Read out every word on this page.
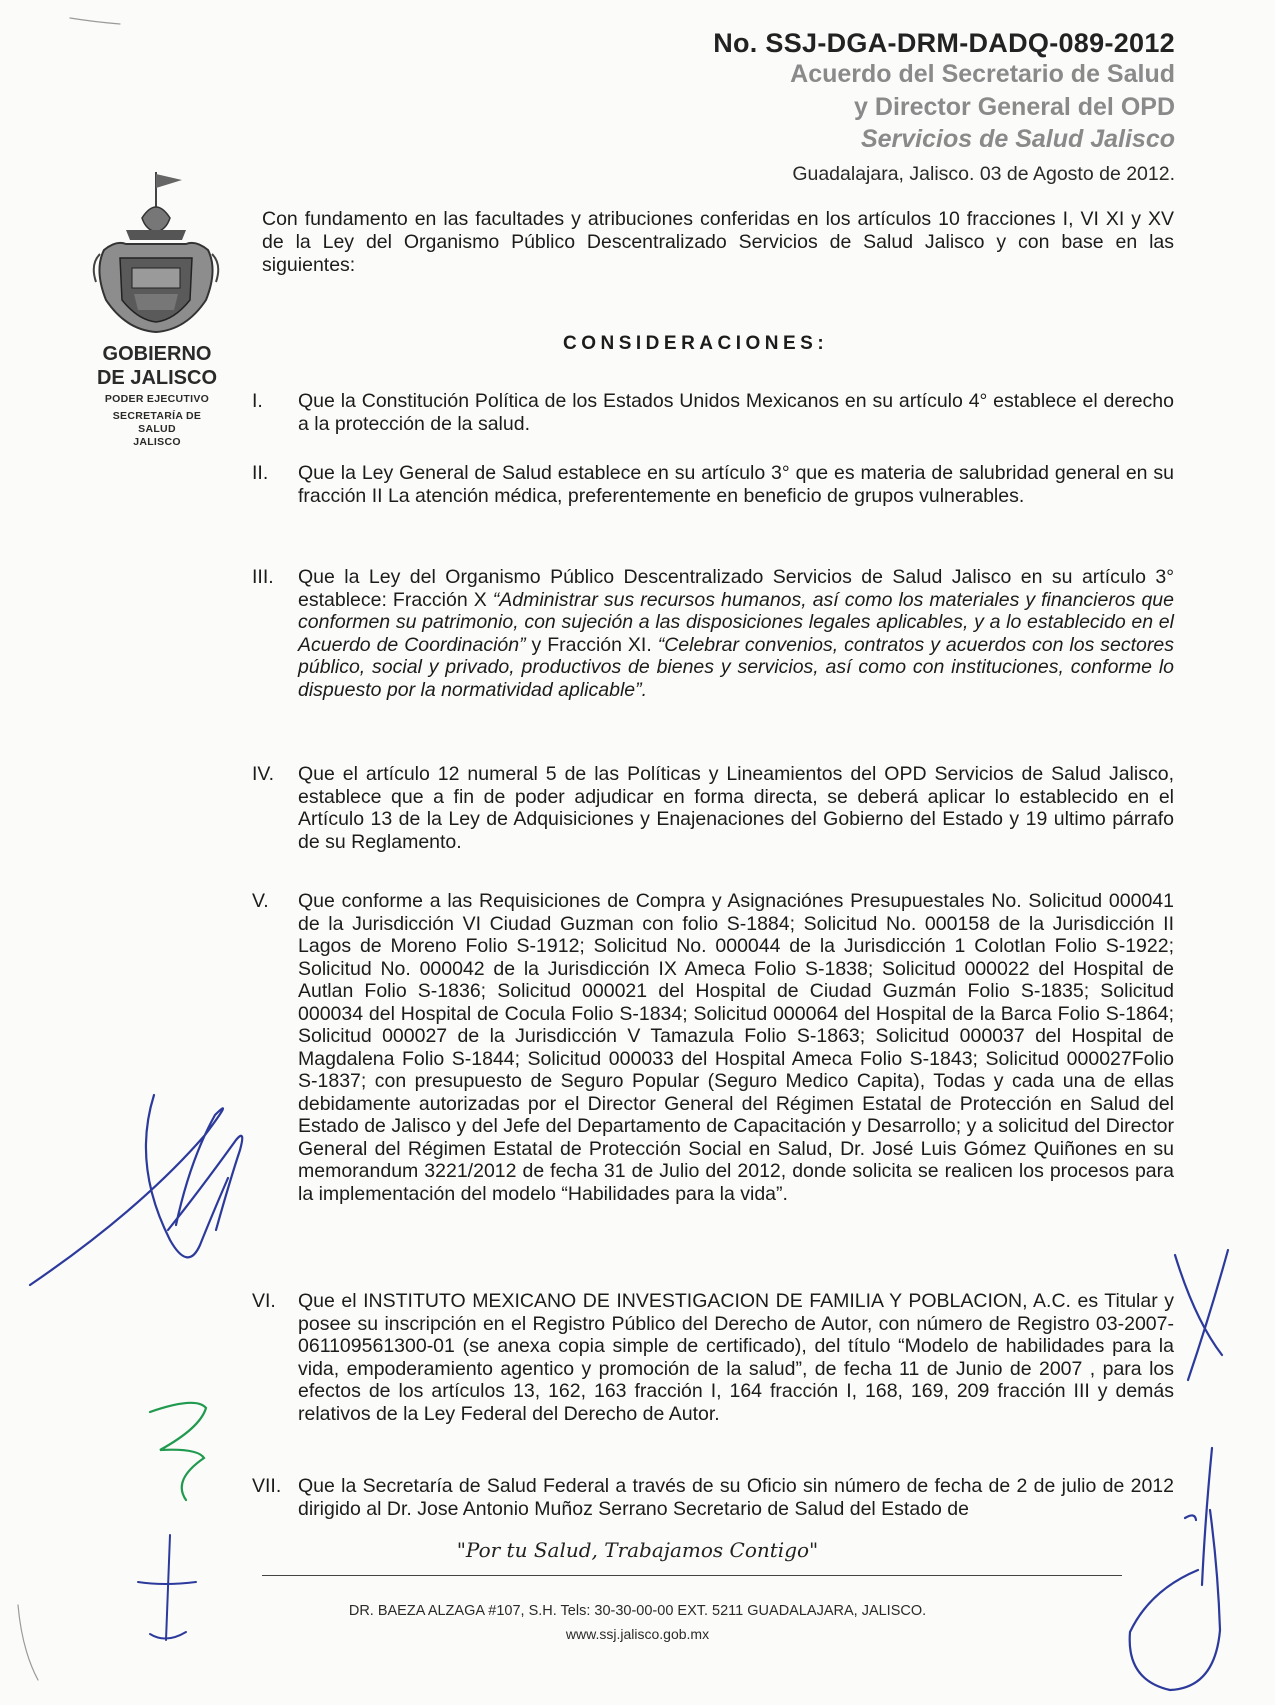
No. SSJ-DGA-DRM-DADQ-089-2012
Acuerdo del Secretario de Salud
y Director General del OPD
Servicios de Salud Jalisco
Guadalajara, Jalisco. 03 de Agosto de 2012.
GOBIERNO
DE JALISCO
PODER EJECUTIVO
SECRETARÍA DE
SALUD
JALISCO
Con fundamento en las facultades y atribuciones conferidas en los artículos 10 fracciones I, VI XI y XV de la Ley del Organismo Público Descentralizado Servicios de Salud Jalisco y con base en las siguientes:
CONSIDERACIONES:
I.	Que la Constitución Política de los Estados Unidos Mexicanos en su artículo 4° establece el derecho a la protección de la salud.
II.	Que la Ley General de Salud establece en su artículo 3° que es materia de salubridad general en su fracción II La atención médica, preferentemente en beneficio de grupos vulnerables.
III.	Que la Ley del Organismo Público Descentralizado Servicios de Salud Jalisco en su artículo 3° establece: Fracción X “Administrar sus recursos humanos, así como los materiales y financieros que conformen su patrimonio, con sujeción a las disposiciones legales aplicables, y a lo establecido en el Acuerdo de Coordinación” y Fracción XI. “Celebrar convenios, contratos y acuerdos con los sectores público, social y privado, productivos de bienes y servicios, así como con instituciones, conforme lo dispuesto por la normatividad aplicable”.
IV.	Que el artículo 12 numeral 5 de las Políticas y Lineamientos del OPD Servicios de Salud Jalisco, establece que a fin de poder adjudicar en forma directa, se deberá aplicar lo establecido en el Artículo 13 de la Ley de Adquisiciones y Enajenaciones del Gobierno del Estado y 19 ultimo párrafo de su Reglamento.
V.	Que conforme a las Requisiciones de Compra y Asignaciónes Presupuestales No. Solicitud 000041 de la Jurisdicción VI Ciudad Guzman con folio S-1884; Solicitud No. 000158 de la Jurisdicción II Lagos de Moreno Folio S-1912; Solicitud No. 000044 de la Jurisdicción 1 Colotlan Folio S-1922; Solicitud No. 000042 de la Jurisdicción IX Ameca Folio S-1838; Solicitud 000022 del Hospital de Autlan Folio S-1836; Solicitud 000021 del Hospital de Ciudad Guzmán Folio S-1835; Solicitud 000034 del Hospital de Cocula Folio S-1834; Solicitud 000064 del Hospital de la Barca Folio S-1864; Solicitud 000027 de la Jurisdicción V Tamazula Folio S-1863; Solicitud 000037 del Hospital de Magdalena Folio S-1844; Solicitud 000033 del Hospital Ameca Folio S-1843; Solicitud 000027Folio S-1837; con presupuesto de Seguro Popular (Seguro Medico Capita), Todas y cada una de ellas debidamente autorizadas por el Director General del Régimen Estatal de Protección en Salud del Estado de Jalisco y del Jefe del Departamento de Capacitación y Desarrollo; y a solicitud del Director General del Régimen Estatal de Protección Social en Salud, Dr. José Luis Gómez Quiñones en su memorandum 3221/2012 de fecha 31 de Julio del 2012, donde solicita se realicen los procesos para la implementación del modelo “Habilidades para la vida”.
VI.	Que el INSTITUTO MEXICANO DE INVESTIGACION DE FAMILIA Y POBLACION, A.C. es Titular y posee su inscripción en el Registro Público del Derecho de Autor, con número de Registro 03-2007-061109561300-01 (se anexa copia simple de certificado), del título “Modelo de habilidades para la vida, empoderamiento agentico y promoción de la salud”, de fecha 11 de Junio de 2007 , para los efectos de los artículos 13, 162, 163 fracción I, 164 fracción I, 168, 169, 209 fracción III y demás relativos de la Ley Federal del Derecho de Autor.
VII. Que la Secretaría de Salud Federal a través de su Oficio sin número de fecha de 2 de julio de 2012 dirigido al Dr. Jose Antonio Muñoz Serrano Secretario de Salud del Estado de
"Por tu Salud, Trabajamos Contigo"
DR. BAEZA ALZAGA #107, S.H. Tels: 30-30-00-00 EXT. 5211 GUADALAJARA, JALISCO.
www.ssj.jalisco.gob.mx
